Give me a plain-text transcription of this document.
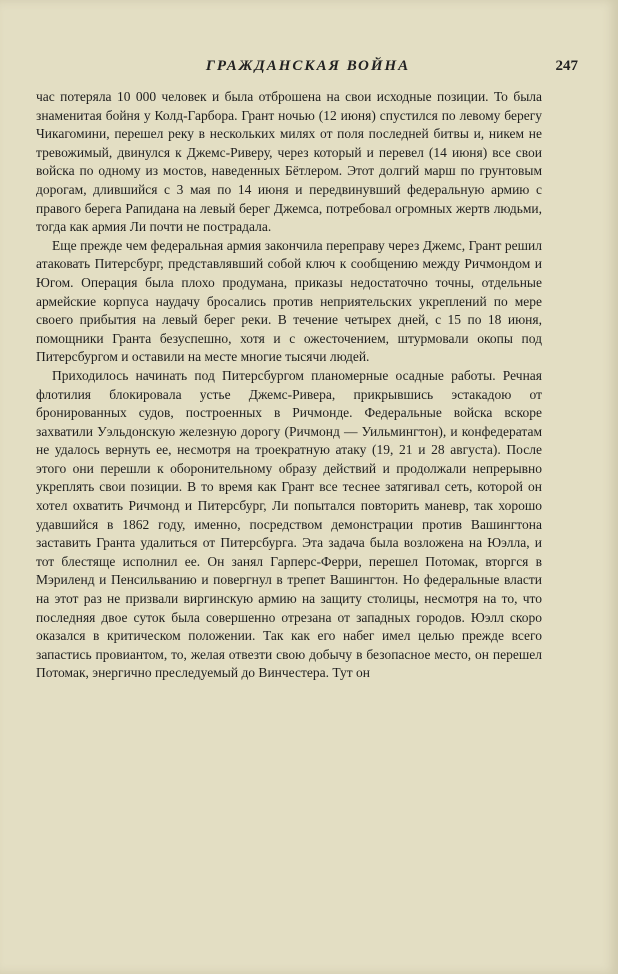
ГРАЖДАНСКАЯ ВОЙНА	247

час потеряла 10 000 человек и была отброшена на свои исходные позиции. То была знаменитая бойня у Колд-Гарбора. Грант ночью (12 июня) спустился по левому берегу Чикагомини, перешел реку в нескольких милях от поля последней битвы и, никем не тревожимый, двинулся к Джемс-Риверу, через который и перевел (14 июня) все свои войска по одному из мостов, наведенных Бётлером. Этот долгий марш по грунтовым дорогам, длившийся с 3 мая по 14 июня и передвинувший федеральную армию с правого берега Рапидана на левый берег Джемса, потребовал огромных жертв людьми, тогда как армия Ли почти не пострадала.

Еще прежде чем федеральная армия закончила переправу через Джемс, Грант решил атаковать Питерсбург, представлявший собой ключ к сообщению между Ричмондом и Югом. Операция была плохо продумана, приказы недостаточно точны, отдельные армейские корпуса наудачу бросались против неприятельских укреплений по мере своего прибытия на левый берег реки. В течение четырех дней, с 15 по 18 июня, помощники Гранта безуспешно, хотя и с ожесточением, штурмовали окопы под Питерсбургом и оставили на месте многие тысячи людей.

Приходилось начинать под Питерсбургом планомерные осадные работы. Речная флотилия блокировала устье Джемс-Ривера, прикрывшись эстакадою от бронированных судов, построенных в Ричмонде. Федеральные войска вскоре захватили Уэльдонскую железную дорогу (Ричмонд — Уильмингтон), и конфедератам не удалось вернуть ее, несмотря на троекратную атаку (19, 21 и 28 августа). После этого они перешли к оборонительному образу действий и продолжали непрерывно укреплять свои позиции. В то время как Грант все теснее затягивал сеть, которой он хотел охватить Ричмонд и Питерсбург, Ли попытался повторить маневр, так хорошо удавшийся в 1862 году, именно, посредством демонстрации против Вашингтона заставить Гранта удалиться от Питерсбурга. Эта задача была возложена на Юэлла, и тот блестяще исполнил ее. Он занял Гарперс-Ферри, перешел Потомак, вторгся в Мэриленд и Пенсильванию и повергнул в трепет Вашингтон. Но федеральные власти на этот раз не призвали виргинскую армию на защиту столицы, несмотря на то, что последняя двое суток была совершенно отрезана от западных городов. Юэлл скоро оказался в критическом положении. Так как его набег имел целью прежде всего запастись провиантом, то, желая отвезти свою добычу в безопасное место, он перешел Потомак, энергично преследуемый до Винчестера. Тут он
